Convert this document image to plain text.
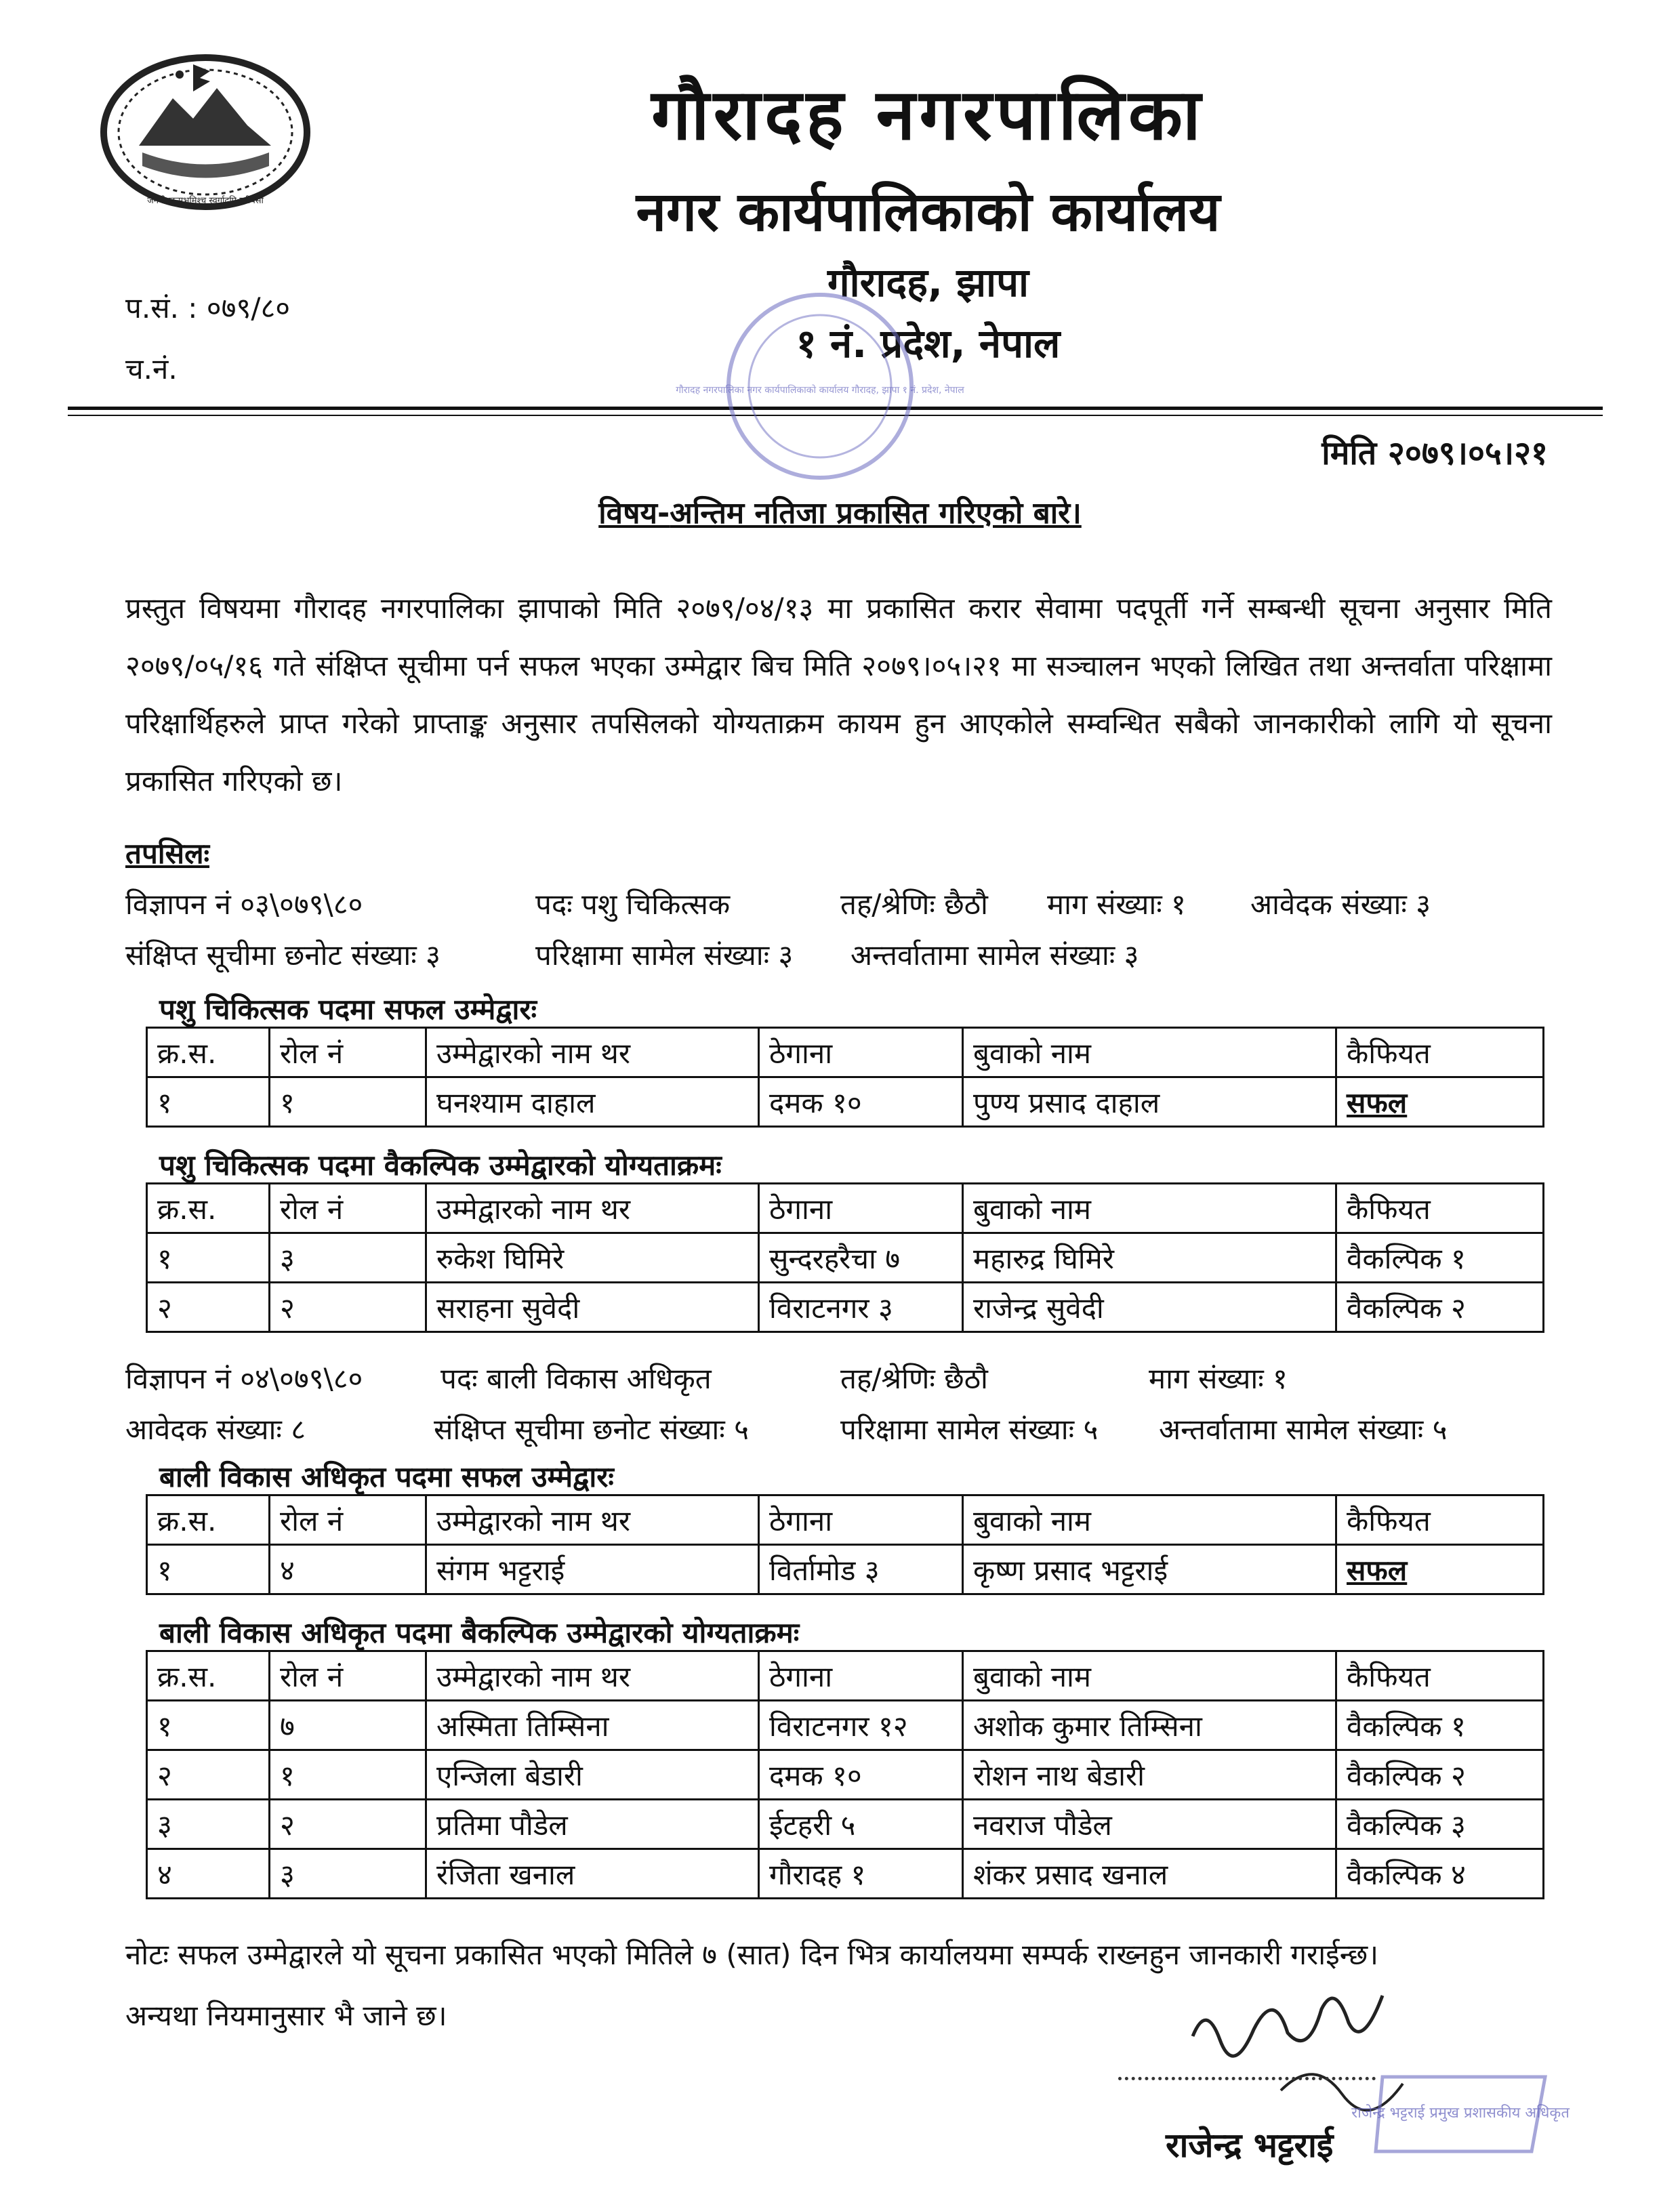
जननी जन्मभूमिश्च स्वर्गादपि गरीयसी
गौरादह नगरपालिका
नगर कार्यपालिकाको कार्यालय
गौरादह, झापा
१ नं. प्रदेश, नेपाल
प.सं. : ०७९/८०
च.नं.
गौरादह नगरपालिका नगर कार्यपालिकाको कार्यालय गौरादह, झापा १ नं. प्रदेश, नेपाल
मिति २०७९।०५।२१
विषय-अन्तिम नतिजा प्रकासित गरिएको बारे।
प्रस्तुत विषयमा गौरादह नगरपालिका झापाको मिति २०७९/०४/१३ मा प्रकासित करार सेवामा पदपूर्ती गर्ने सम्बन्धी सूचना अनुसार मिति २०७९/०५/१६ गते संक्षिप्त सूचीमा पर्न सफल भएका उम्मेद्वार बिच मिति २०७९।०५।२१ मा सञ्चालन भएको लिखित तथा अन्तर्वाता परिक्षामा परिक्षार्थिहरुले प्राप्त गरेको प्राप्ताङ्क अनुसार तपसिलको योग्यताक्रम कायम हुन आएकोले सम्वन्धित सबैको जानकारीको लागि यो सूचना प्रकासित गरिएको छ।
तपसिलः
विज्ञापन नं ०३\०७९\८०	पदः पशु चिकित्सक	तह/श्रेणिः छैठौ माग संख्याः १ आवेदक संख्याः ३
संक्षिप्त सूचीमा छनोट संख्याः ३	परिक्षामा सामेल संख्याः ३ अन्तर्वातामा सामेल संख्याः ३
पशु चिकित्सक पदमा सफल उम्मेद्वारः
क्र.स.	रोल नं	उम्मेद्वारको नाम थर	ठेगाना	बुवाको नाम	कैफियत
१	१	घनश्याम दाहाल	दमक १०	पुण्य प्रसाद दाहाल	सफल
पशु चिकित्सक पदमा वैकल्पिक उम्मेद्वारको योग्यताक्रमः
क्र.स.	रोल नं	उम्मेद्वारको नाम थर	ठेगाना	बुवाको नाम	कैफियत
१	३	रुकेश घिमिरे	सुन्दरहरैचा ७	महारुद्र घिमिरे	वैकल्पिक १
२	२	सराहना सुवेदी	विराटनगर ३	राजेन्द्र सुवेदी	वैकल्पिक २
विज्ञापन नं ०४\०७९\८०	पदः बाली विकास अधिकृत	तह/श्रेणिः छैठौ	माग संख्याः १
आवेदक संख्याः ८	संक्षिप्त सूचीमा छनोट संख्याः ५	परिक्षामा सामेल संख्याः ५ अन्तर्वातामा सामेल संख्याः ५
बाली विकास अधिकृत पदमा सफल उम्मेद्वारः
क्र.स.	रोल नं	उम्मेद्वारको नाम थर	ठेगाना	बुवाको नाम	कैफियत
१	४	संगम भट्टराई	विर्तामोड ३	कृष्ण प्रसाद भट्टराई	सफल
बाली विकास अधिकृत पदमा बैकल्पिक उम्मेद्वारको योग्यताक्रमः
क्र.स.	रोल नं	उम्मेद्वारको नाम थर	ठेगाना	बुवाको नाम	कैफियत
१	७	अस्मिता तिम्सिना	विराटनगर १२	अशोक कुमार तिम्सिना	वैकल्पिक १
२	१	एन्जिला बेडारी	दमक १०	रोशन नाथ बेडारी	वैकल्पिक २
३	२	प्रतिमा पौडेल	ईटहरी ५	नवराज पौडेल	वैकल्पिक ३
४	३	रंजिता खनाल	गौरादह १	शंकर प्रसाद खनाल	वैकल्पिक ४
नोटः सफल उम्मेद्वारले यो सूचना प्रकासित भएको मितिले ७ (सात) दिन भित्र कार्यालयमा सम्पर्क राख्नहुन जानकारी गराईन्छ।
अन्यथा नियमानुसार भै जाने छ।
राजेन्द्र भट्टराई प्रमुख प्रशासकीय अधिकृत
राजेन्द्र भट्टराई
